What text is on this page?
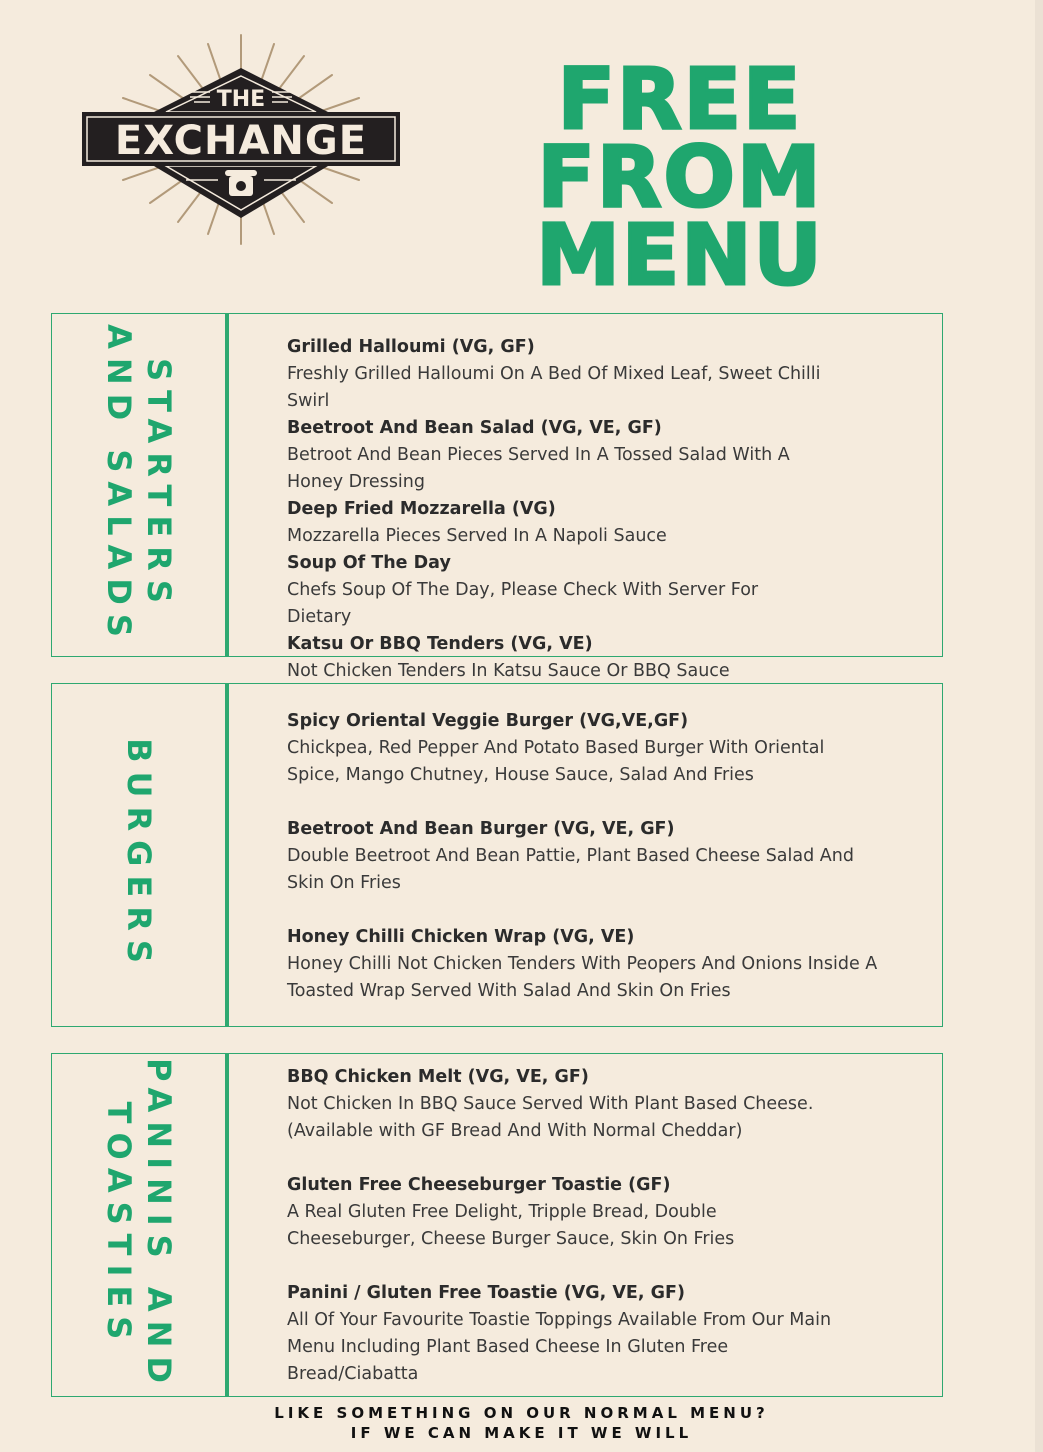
THE
EXCHANGE	FREE FROM
MENU
STARTERS
AND SALADS	Grilled Halloumi (VG, GF)
Freshly Grilled Halloumi On A Bed Of Mixed Leaf, Sweet Chilli Swirl
Beetroot And Bean Salad (VG, VE, GF)
Betroot And Bean Pieces Served In A Tossed Salad With A Honey Dressing
Deep Fried Mozzarella (VG)
Mozzarella Pieces Served In A Napoli Sauce
Soup Of The Day
Chefs Soup Of The Day, Please Check With Server For Dietary
Katsu Or BBQ Tenders (VG, VE)
Not Chicken Tenders In Katsu Sauce Or BBQ Sauce
BURGERS
Spicy Oriental Veggie Burger (VG,VE,GF)
Chickpea, Red Pepper And Potato Based Burger With Oriental Spice, Mango Chutney, House Sauce, Salad And Fries
Beetroot And Bean Burger (VG, VE, GF)
Double Beetroot And Bean Pattie, Plant Based Cheese Salad And Skin On Fries
Honey Chilli Chicken Wrap (VG, VE)
Honey Chilli Not Chicken Tenders With Peopers And Onions Inside A Toasted Wrap Served With Salad And Skin On Fries
PANINIS AND
TOASTIES
BBQ Chicken Melt (VG, VE, GF)
Not Chicken In BBQ Sauce Served With Plant Based Cheese. (Available with GF Bread And With Normal Cheddar)
Gluten Free Cheeseburger Toastie (GF)
A Real Gluten Free Delight, Tripple Bread, Double Cheeseburger, Cheese Burger Sauce, Skin On Fries
Panini / Gluten Free Toastie (VG, VE, GF)
All Of Your Favourite Toastie Toppings Available From Our Main Menu Including Plant Based Cheese In Gluten Free Bread/Ciabatta
LIKE SOMETHING ON OUR NORMAL MENU?
IF WE CAN MAKE IT WE WILL
